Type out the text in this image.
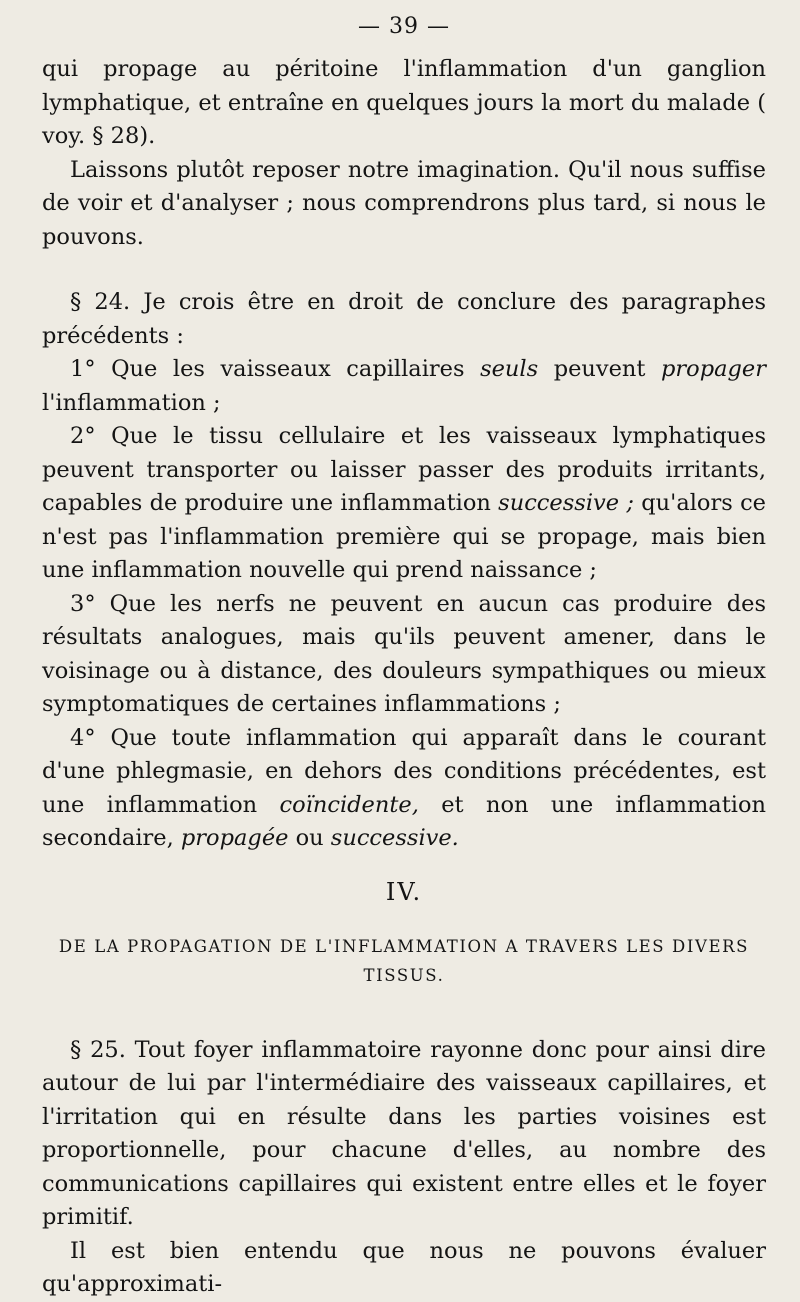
— 39 —

qui propage au péritoine l'inflammation d'un ganglion lymphatique, et entraîne en quelques jours la mort du malade ( voy. § 28).

Laissons plutôt reposer notre imagination. Qu'il nous suffise de voir et d'analyser ; nous comprendrons plus tard, si nous le pouvons.

§ 24. Je crois être en droit de conclure des paragraphes précédents :

1° Que les vaisseaux capillaires seuls peuvent propager l'inflammation ;

2° Que le tissu cellulaire et les vaisseaux lymphatiques peuvent transporter ou laisser passer des produits irritants, capables de produire une inflammation successive ; qu'alors ce n'est pas l'inflammation première qui se propage, mais bien une inflammation nouvelle qui prend naissance ;

3° Que les nerfs ne peuvent en aucun cas produire des résultats analogues, mais qu'ils peuvent amener, dans le voisinage ou à distance, des douleurs sympathiques ou mieux symptomatiques de certaines inflammations ;

4° Que toute inflammation qui apparaît dans le courant d'une phlegmasie, en dehors des conditions précédentes, est une inflammation coïncidente, et non une inflammation secondaire, propagée ou successive.

IV.
DE LA PROPAGATION DE L'INFLAMMATION A TRAVERS LES DIVERS TISSUS.

§ 25. Tout foyer inflammatoire rayonne donc pour ainsi dire autour de lui par l'intermédiaire des vaisseaux capillaires, et l'irritation qui en résulte dans les parties voisines est proportionnelle, pour chacune d'elles, au nombre des communications capillaires qui existent entre elles et le foyer primitif.

Il est bien entendu que nous ne pouvons évaluer qu'approximati-
